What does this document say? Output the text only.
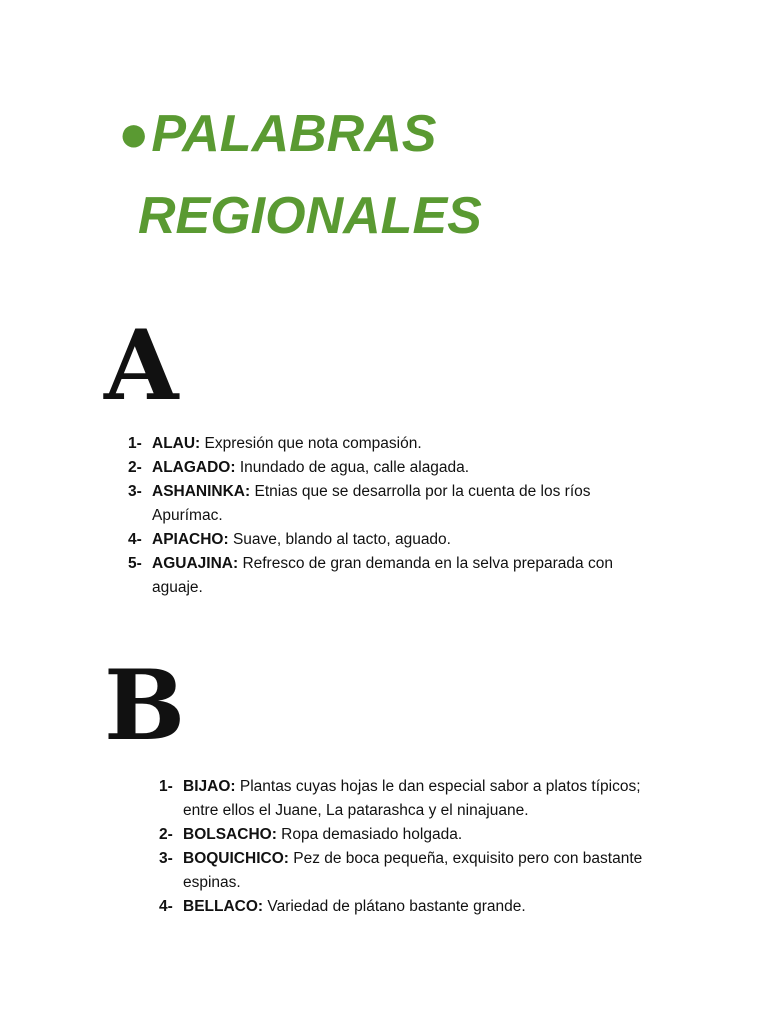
●PALABRAS
REGIONALES
A
1- ALAU: Expresión que nota compasión.
2- ALAGADO: Inundado de agua, calle alagada.
3- ASHANINKA: Etnias que se desarrolla por la cuenta de los ríos Apurímac.
4- APIACHO: Suave, blando al tacto, aguado.
5- AGUAJINA: Refresco de gran demanda en la selva preparada con aguaje.
B
1- BIJAO: Plantas cuyas hojas le dan especial sabor a platos típicos; entre ellos el Juane, La patarashca y el ninajuane.
2- BOLSACHO: Ropa demasiado holgada.
3- BOQUICHICO: Pez de boca pequeña, exquisito pero con bastante espinas.
4- BELLACO: Variedad de plátano bastante grande.
